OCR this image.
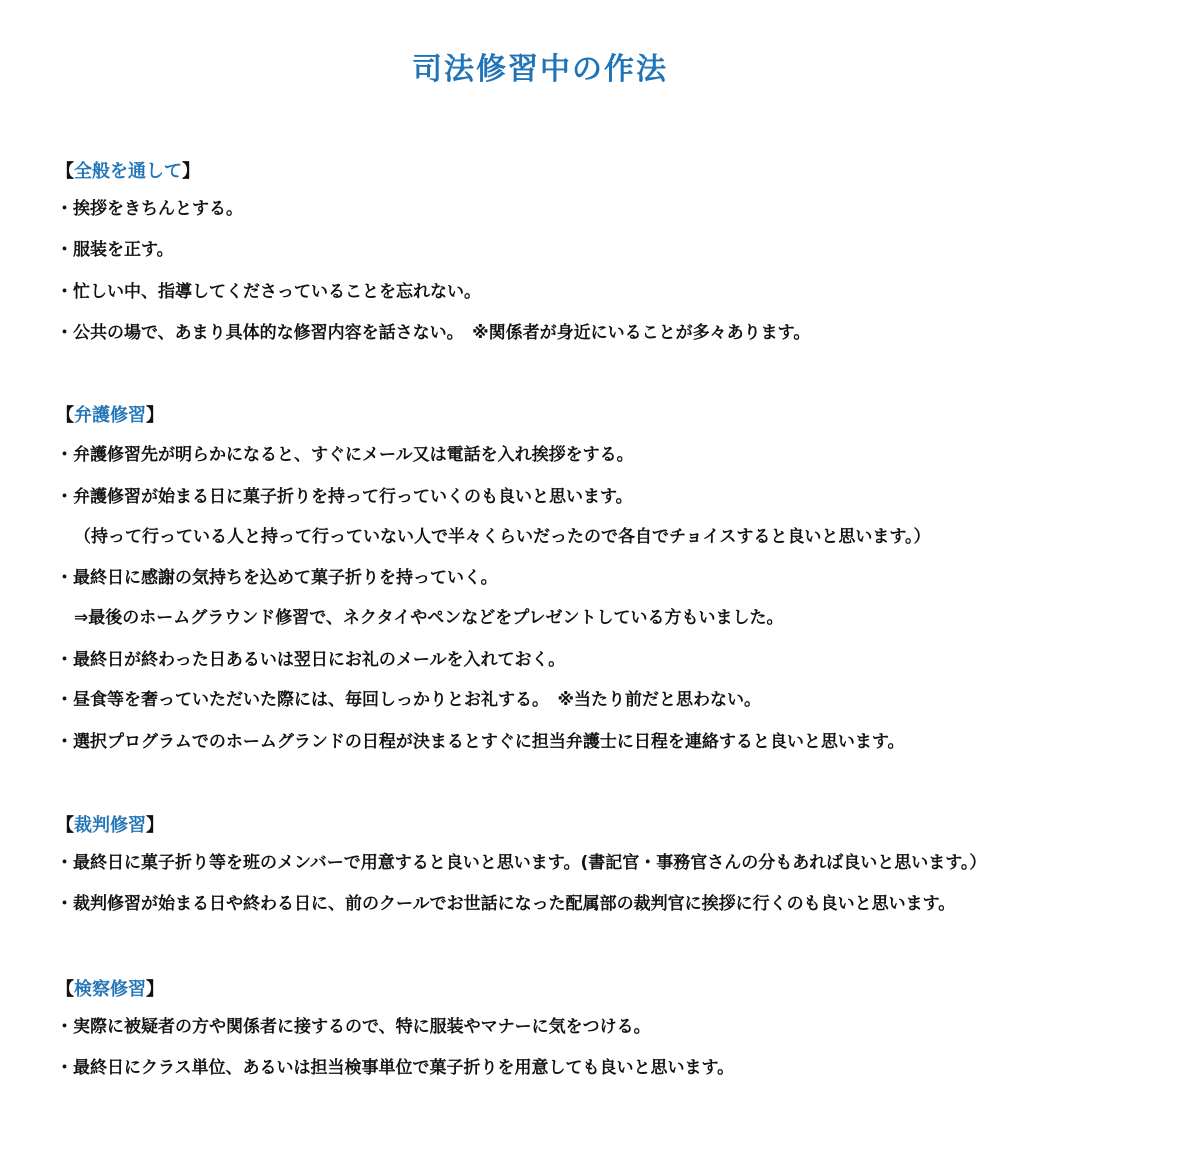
司法修習中の作法
【全般を通して】
・挨拶をきちんとする。
・服装を正す。
・忙しい中、指導してくださっていることを忘れない。
・公共の場で、あまり具体的な修習内容を話さない。　※関係者が身近にいることが多々あります。
【弁護修習】
・弁護修習先が明らかになると、すぐにメール又は電話を入れ挨拶をする。
・弁護修習が始まる日に菓子折りを持って行っていくのも良いと思います。
（持って行っている人と持って行っていない人で半々くらいだったので各自でチョイスすると良いと思います。）
・最終日に感謝の気持ちを込めて菓子折りを持っていく。
⇒最後のホームグラウンド修習で、ネクタイやペンなどをプレゼントしている方もいました。
・最終日が終わった日あるいは翌日にお礼のメールを入れておく。
・昼食等を奢っていただいた際には、毎回しっかりとお礼する。　※当たり前だと思わない。
・選択プログラムでのホームグランドの日程が決まるとすぐに担当弁護士に日程を連絡すると良いと思います。
【裁判修習】
・最終日に菓子折り等を班のメンバーで用意すると良いと思います。(書記官・事務官さんの分もあれば良いと思います。）
・裁判修習が始まる日や終わる日に、前のクールでお世話になった配属部の裁判官に挨拶に行くのも良いと思います。
【検察修習】
・実際に被疑者の方や関係者に接するので、特に服装やマナーに気をつける。
・最終日にクラス単位、あるいは担当検事単位で菓子折りを用意しても良いと思います。
